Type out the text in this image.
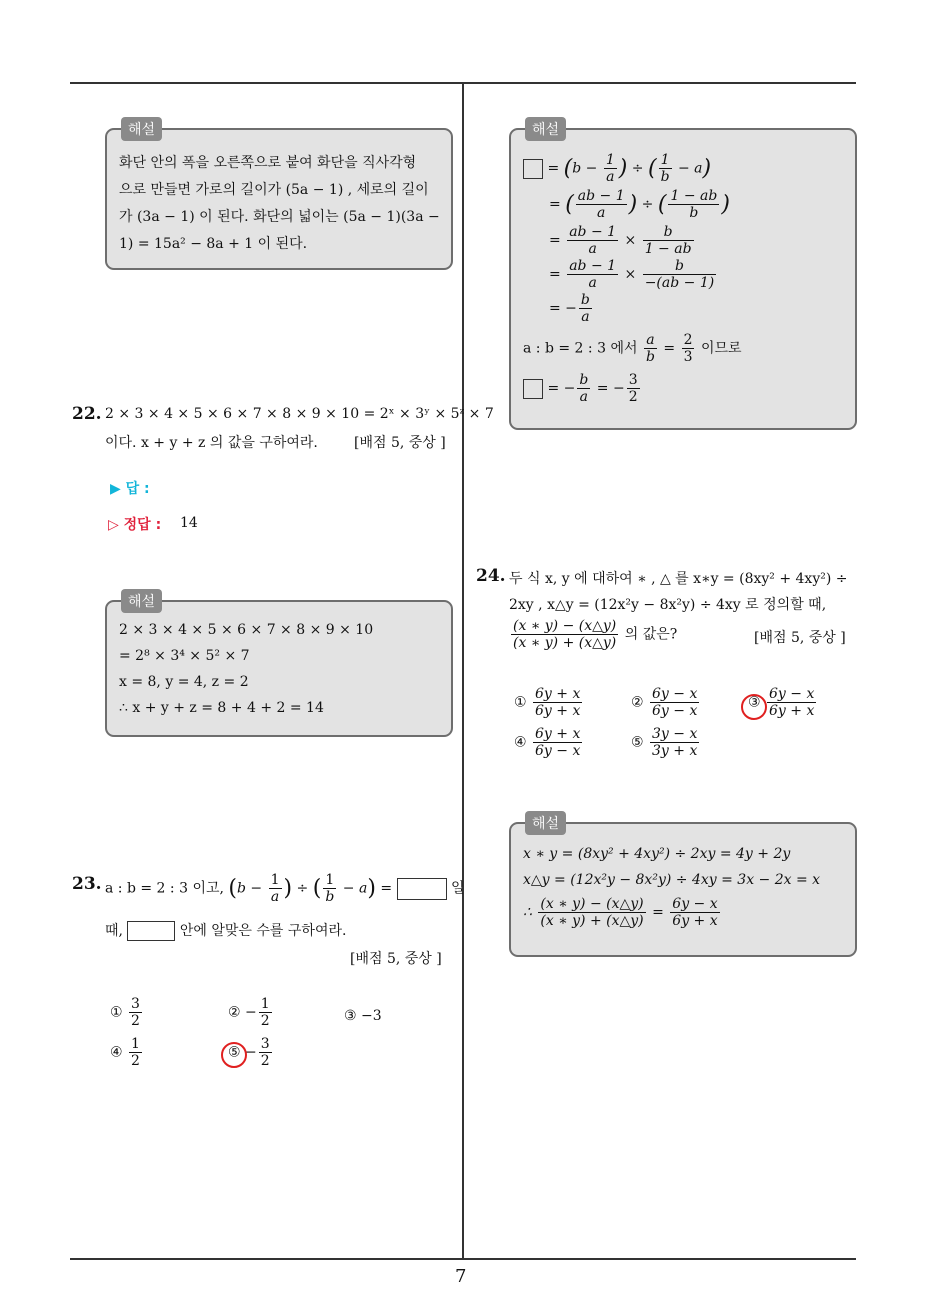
해설
화단 안의 폭을 오른쪽으로 붙여 화단을 직사각형
으로 만들면 가로의 길이가 (5a − 1) , 세로의 길이
가 (3a − 1) 이 된다. 화단의 넓이는 (5a − 1)(3a −
1) = 15a² − 8a + 1 이 된다.
22. 2 × 3 × 4 × 5 × 6 × 7 × 8 × 9 × 10 = 2ˣ × 3ʸ × 5ᶻ × 7
이다. x + y + z 의 값을 구하여라.	[배점 5, 중상 ]
▶ 답 :
▷ 정답 : 14
해설
2 × 3 × 4 × 5 × 6 × 7 × 8 × 9 × 10
= 2⁸ × 3⁴ × 5² × 7
x = 8, y = 4, z = 2
∴ x + y + z = 8 + 4 + 2 = 14
23. a : b = 2 : 3 이고, ($b - \frac{1}{a}$ ) ÷ ( $\frac{1}{b} - a$) =	일
때,	안에 알맞은 수를 구하여라.
[배점 5, 중상 ]
① $\frac{3}{2}$	② − $\frac{1}{2}$	③ −3
④ $\frac{1}{2}$	⑤ − $\frac{3}{2}$
해설
= ($b - \frac{1}{a}$ ) ÷ ( $\frac{1}{b} - a$)
= ( $\frac{ab - 1}{a}$ ) ÷ ( $\frac{1 - ab}{b}$ )
= $\frac{ab - 1}{a} \times \frac{b}{1 - ab}$
= $\frac{ab - 1}{a} \times \frac{b}{-(ab - 1)}$
= − $\frac{b}{a}$
a : b = 2 : 3 에서 $\frac{a}{b} = \frac{2}{3}$ 이므로
= − $\frac{b}{a}$ = − $\frac{3}{2}$
24. 두 식 x, y 에 대하여 ∗ , △ 를 x∗y = (8xy² + 4xy²) ÷
2xy , x△y = (12x²y − 8x²y) ÷ 4xy 로 정의할 때,
$\frac{(x ∗ y) - (x\triangle y)}{(x ∗ y) + (x\triangle y)}$ 의 값은?	[배점 5, 중상 ]
① $\frac{6y + x}{6y + x}$	② $\frac{6y - x}{6y - x}$	③ $\frac{6y - x}{6y + x}$
④ $\frac{6y + x}{6y - x}$	⑤ $\frac{3y - x}{3y + x}$
해설
x ∗ y = (8xy² + 4xy²) ÷ 2xy = 4y + 2y
x△y = (12x²y − 8x²y) ÷ 4xy = 3x − 2x = x
∴ $\frac{(x ∗ y) - (x\triangle y)}{(x ∗ y) + (x\triangle y)} = \frac{6y - x}{6y + x}$
7
